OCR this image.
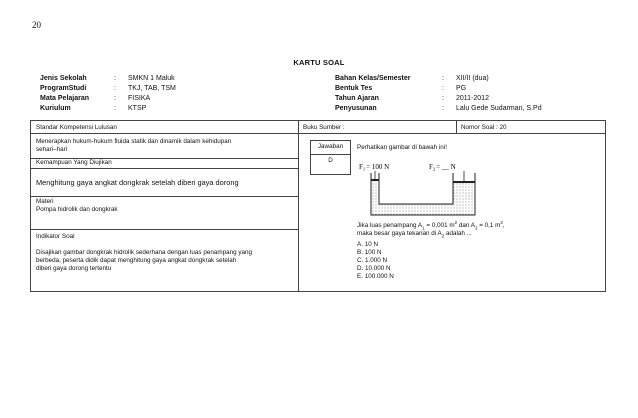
20
KARTU SOAL
Jenis Sekolah	:	SMKN 1 Maluk
ProgramStudi	:	TKJ, TAB, TSM
Mata Pelajaran	:	FISIKA
Kuriulum	:	KTSP
Bahan Kelas/Semester	:	XII/II (dua)
Bentuk Tes	:	PG
Tahun Ajaran	:	2011-2012
Penyusunan	:	Lalu Gede Sudarman, S.Pd
Standar Kompetensi Lulusan
Menerapkan hukum-hukum fluida statik dan dinamik dalam kehidupan
sehari–hari
Kemampuan Yang Diujikan
Menghitung gaya angkat dongkrak setelah diberi gaya dorong
Materi
Pompa hidrolik dan dongkrak
Indikator Soal
Disajikan gambar dongkrak hidrolik sederhana dengan luas penampang yang
berbeda, peserta didik dapat menghitung gaya angkat dongkrak setelah
diberi gaya dorong tertentu
Buku Sumber :	Nomor Soal : 20
Jawaban
D
Perhatikan gambar di bawah ini!
$F_1= 100$ N	$F_2=$ __ N
Jika luas penampang $A_1 = 0,001$ $m^2$ dan $A_2 = 0,1$ $m^2$,
maka besar gaya tekanan di $A_2$ adalah ...
A. 10 N
B. 100 N
C. 1.000 N
D. 10.000 N
E. 100.000 N
